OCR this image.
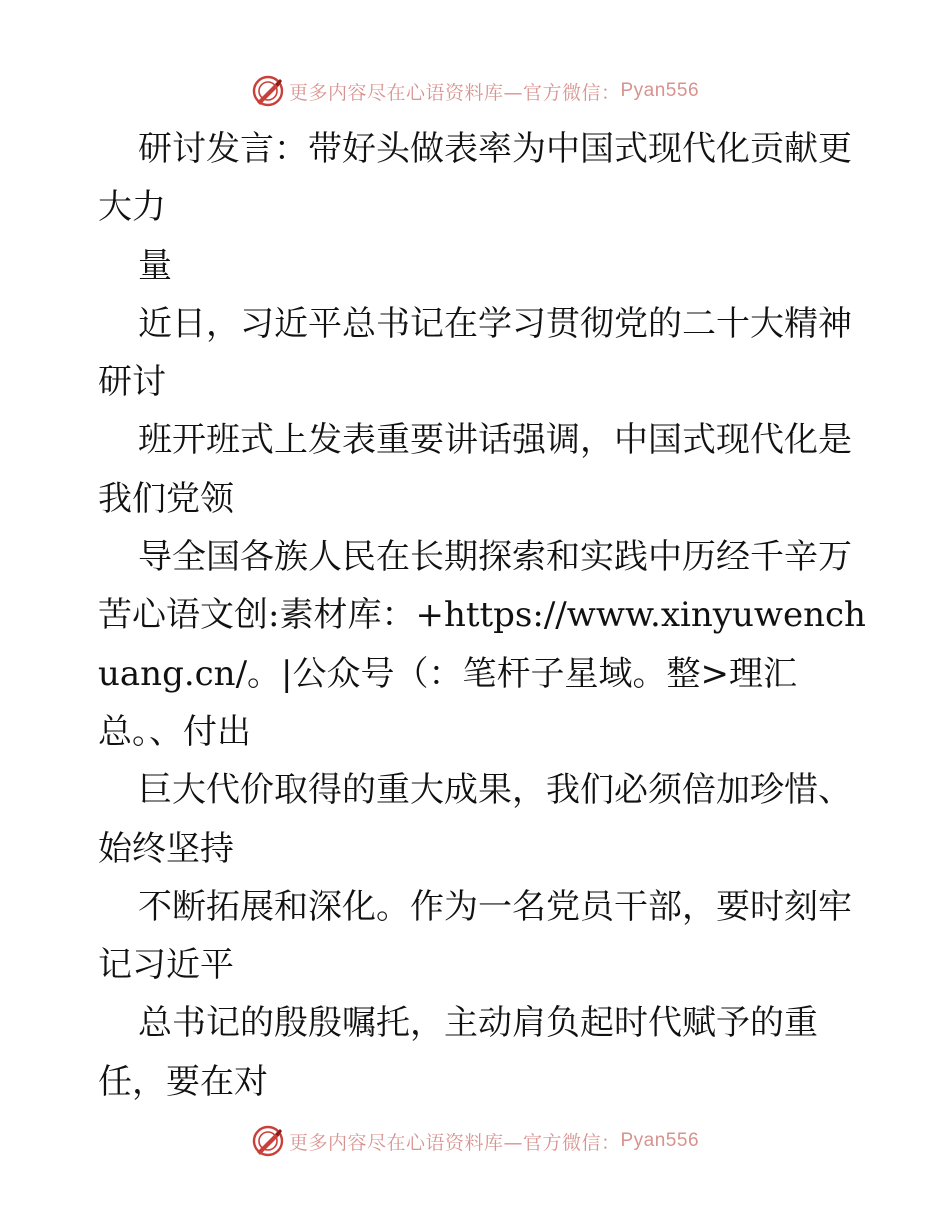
更多内容尽在心语资料库—官方微信： Pyan556

研讨发言：带好头做表率为中国式现代化贡献更大力

量

近日，习近平总书记在学习贯彻党的二十大精神研讨

班开班式上发表重要讲话强调，中国式现代化是我们党领

导全国各族人民在长期探索和实践中历经千辛万苦心语文创:素材库：+https://www.xinyuwenchuang.cn/。|公众号（：笔杆子星域。整>理汇总。、付出

巨大代价取得的重大成果，我们必须倍加珍惜、始终坚持

不断拓展和深化。作为一名党员干部，要时刻牢记习近平

总书记的殷殷嘱托，主动肩负起时代赋予的重任，要在对

更多内容尽在心语资料库—官方微信： Pyan556
